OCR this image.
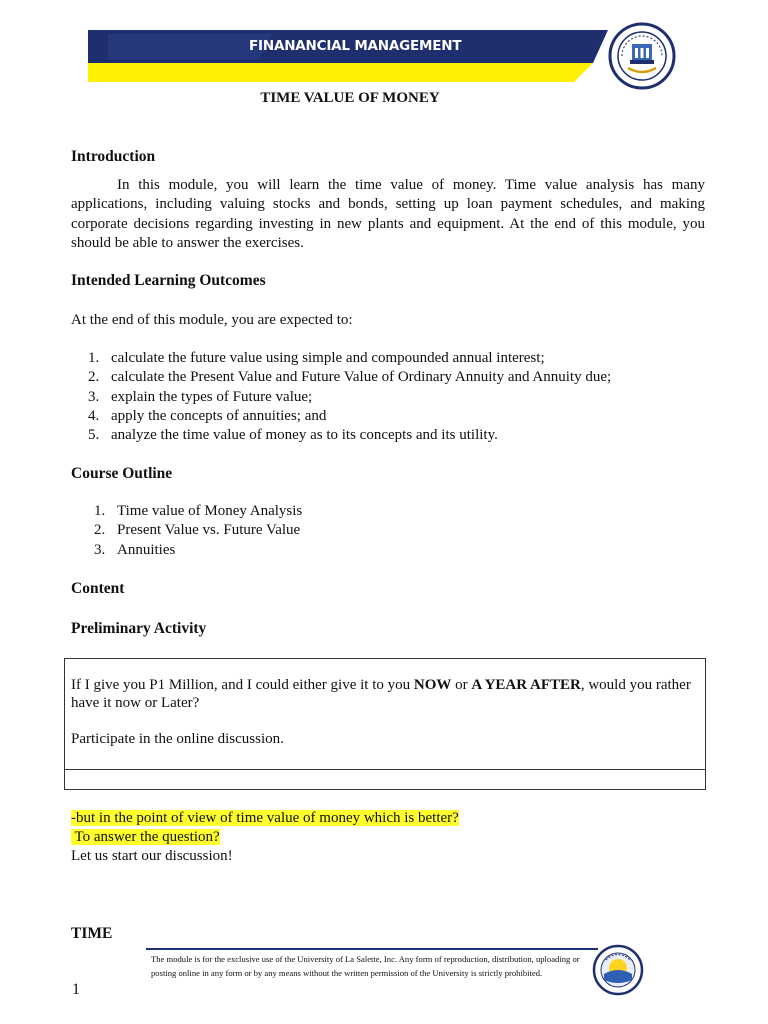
PBIBAFM 0 FINANANCIAL MANAGEMENT
TIME VALUE OF MONEY
Introduction
In this module, you will learn the time value of money. Time value analysis has many applications, including valuing stocks and bonds, setting up loan payment schedules, and making corporate decisions regarding investing in new plants and equipment. At the end of this module, you should be able to answer the exercises.
Intended Learning Outcomes
At the end of this module, you are expected to:
1. calculate the future value using simple and compounded annual interest;
2. calculate the Present Value and Future Value of Ordinary Annuity and Annuity due;
3. explain the types of Future value;
4. apply the concepts of annuities; and
5. analyze the time value of money as to its concepts and its utility.
Course Outline
1. Time value of Money Analysis
2. Present Value vs. Future Value
3. Annuities
Content
Preliminary Activity
If I give you P1 Million, and I could either give it to you NOW or A YEAR AFTER, would you rather have it now or Later?
Participate in the online discussion.
-but in the point of view of time value of money which is better?
To answer the question?
Let us start our discussion!
TIME
The module is for the exclusive use of the University of La Salette, Inc. Any form of reproduction, distribution, uploading or
posting online in any form or by any means without the written permission of the University is strictly prohibited.
1
